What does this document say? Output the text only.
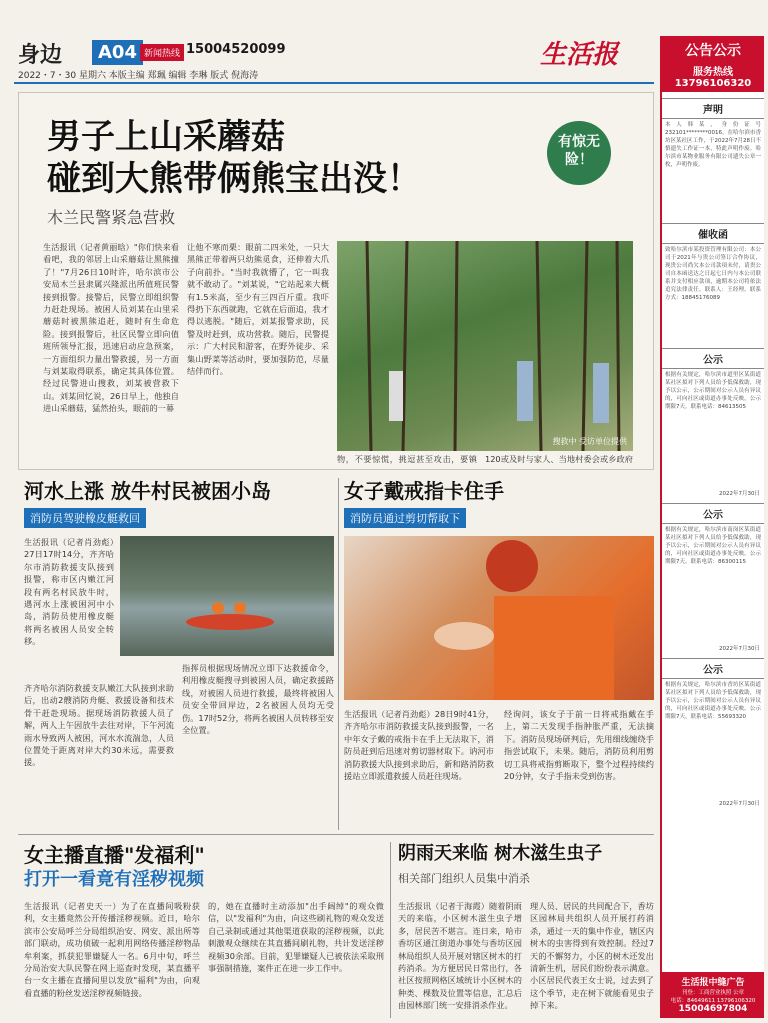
身边	A04 新闻热线 15004520099	生活报
2022・7・30 星期六 本版主编 郑珮 编辑 李琳 版式 倪海涛
男子上山采蘑菇
碰到大熊带俩熊宝出没！
木兰民警紧急营救
有惊无险！
生活报讯（记者黄丽晗）"你们快来看看吧，我的邻居上山采蘑菇让黑熊撞了！"7月26日10时许，哈尔滨市公安局木兰县隶属兴隆派出所值班民警接到报警。接警后，民警立即组织警力赶赴现场。被困人员刘某在山里采蘑菇时被黑熊追赶，随时有生命危险。接到报警后，社区民警立即向值班所领导汇报，迅速启动应急预案，一方面组织力量出警救援，另一方面与刘某取得联系，确定其具体位置。经过民警进山搜救，刘某被营救下山。刘某回忆说，26日早上，他独自进山采蘑菇，猛然抬头，眼前的一幕
让他不寒而栗：眼前二四米处，一只大黑熊正带着两只幼熊觅食，还伸着大爪子向前扑。"当时我就懵了，它一叫我就不敢动了。"刘某说，"它站起来大概有1.5米高，至少有三四百斤重。我吓得扔下东西就跑，它就在后面追，我才得以逃脱。"随后，刘某报警求助，民警及时赶到，成功营救。随后，民警提示：广大村民和游客，在野外徒步、采集山野菜等活动时，要加强防范，尽量结伴而行。
搜救中 受访单位提供
物，不要惊慌，挑逗甚至攻击，要镇 120或及时与家人、当地村委会或乡政府
河水上涨 放牛村民被困小岛
消防员驾驶橡皮艇救回
生活报讯（记者肖劲彪）27日17时14分，齐齐哈尔市消防救援支队接到报警，称市区内嫩江河段有两名村民放牛时，遇河水上涨被困河中小岛，消防员使用橡皮艇将两名被困人员安全转移。
齐齐哈尔消防救援支队嫩江大队接到求助后，出动2艘消防舟艇、救援设备和技术骨干赶赴现场。据现场消防救援人员了解，两人上午因放牛去往对岸，下午河流雨水导致两人被困，河水水流湍急，人员位置处于距离对岸大约30米远，需要救援。
指挥员根据现场情况立即下达救援命令，利用橡皮艇搜寻到被困人员，确定救援路线，对被困人员进行救援，最终将被困人员安全带回岸边，2名被困人员均无受伤。17时52分，将两名被困人员转移至安全位置。
女子戴戒指卡住手
消防员通过剪切帮取下
生活报讯（记者肖劲彪）28日9时41分，齐齐哈尔市消防救援支队接到报警，一名中年女子戴的戒指卡在手上无法取下，消防员赶到后迅速对剪切器材取下。讷河市消防救援大队接到求助后，新和路消防救援站立即派遣救援人员赶往现场。
经询问，该女子于前一日将戒指戴在手上，第二天发现手指肿胀严重，无法摘下。消防员现场研判后，先用细线缠绕手指尝试取下，未果。随后，消防员利用剪切工具将戒指剪断取下，整个过程持续约20分钟，女子手指未受到伤害。
女主播直播"发福利"
打开一看竟有淫秽视频
生活报讯（记者史天一）为了在直播间吸粉获利，女主播竟然公开传播淫秽视频。近日，哈尔滨市公安局呼兰分局组织治安、网安、派出所等部门联动，成功侦破一起利用网络传播淫秽物品牟利案，抓获犯罪嫌疑人一名。6月中旬，呼兰分局治安大队民警在网上巡查时发现，某直播平台一女主播在直播间里以发放"福利"为由，向观看直播的粉丝发送淫秽视频链接。
的，她在直播时主动添加"出手阔绰"的观众微信，以"发福利"为由，向这些刷礼物的观众发送自己录制或通过其他渠道获取的淫秽视频，以此刺激观众继续在其直播间刷礼物，共计发送淫秽视频30余部。目前，犯罪嫌疑人已被依法采取刑事强制措施，案件正在进一步工作中。
阴雨天来临 树木滋生虫子
相关部门组织人员集中消杀
生活报讯（记者于海霞）随着阴雨天的来临，小区树木滋生虫子增多，居民苦不堪言。连日来，哈市香坊区通江街道办事处与香坊区园林局组织人员开展对辖区树木的打药消杀。为方便居民日常出行，各社区按照网格区域统计小区树木的种类、棵数及位置等信息，汇总后由园林部门统一安排消杀作业。
理人员、居民的共同配合下，香坊区园林局共组织人员开展打药消杀，通过一天的集中作业，辖区内树木的虫害得到有效控制。经过7天的不懈努力，小区的树木还发出清新生机，居民们纷纷表示满意。小区居民代表王女士说，过去到了这个季节，走在树下就能看见虫子掉下来。
公告公示
服务热线 13796106320
声明
本人韩某，身份证号232101********0016，在哈尔滨市香坊区某社区工作，于2022年7月28日不慎遗失工作证一本，特此声明作废。哈尔滨市某物业服务有限公司遗失公章一枚，声明作废。
催收函
致哈尔滨市某投资管理有限公司：本公司于2021年与贵公司签订合作协议，现贵公司尚欠本公司款项未付，请贵公司自本函送达之日起七日内与本公司联系并支付相应款项，逾期本公司将依法追究法律责任。联系人：王经理。联系方式：18845176089
公示
根据有关规定，哈尔滨市道里区某街道某社区拟对下列人员给予低保救助，现予以公示，公示期间对公示人员有异议的，可向社区或街道办事处反映。公示期限7天。联系电话：84613505
2022年7月30日
公示
根据有关规定，哈尔滨市南岗区某街道某社区拟对下列人员给予低保救助，现予以公示，公示期间对公示人员有异议的，可向社区或街道办事处反映。公示期限7天。联系电话：86300115
2022年7月30日
公示
根据有关规定，哈尔滨市香坊区某街道某社区拟对下列人员给予低保救助，现予以公示，公示期间对公示人员有异议的，可向社区或街道办事处反映。公示期限7天。联系电话：55693320
2022年7月30日
生活报中缝广告
刊登：工商营业执照 公章
电话：84649611 13796106320
15004697804
